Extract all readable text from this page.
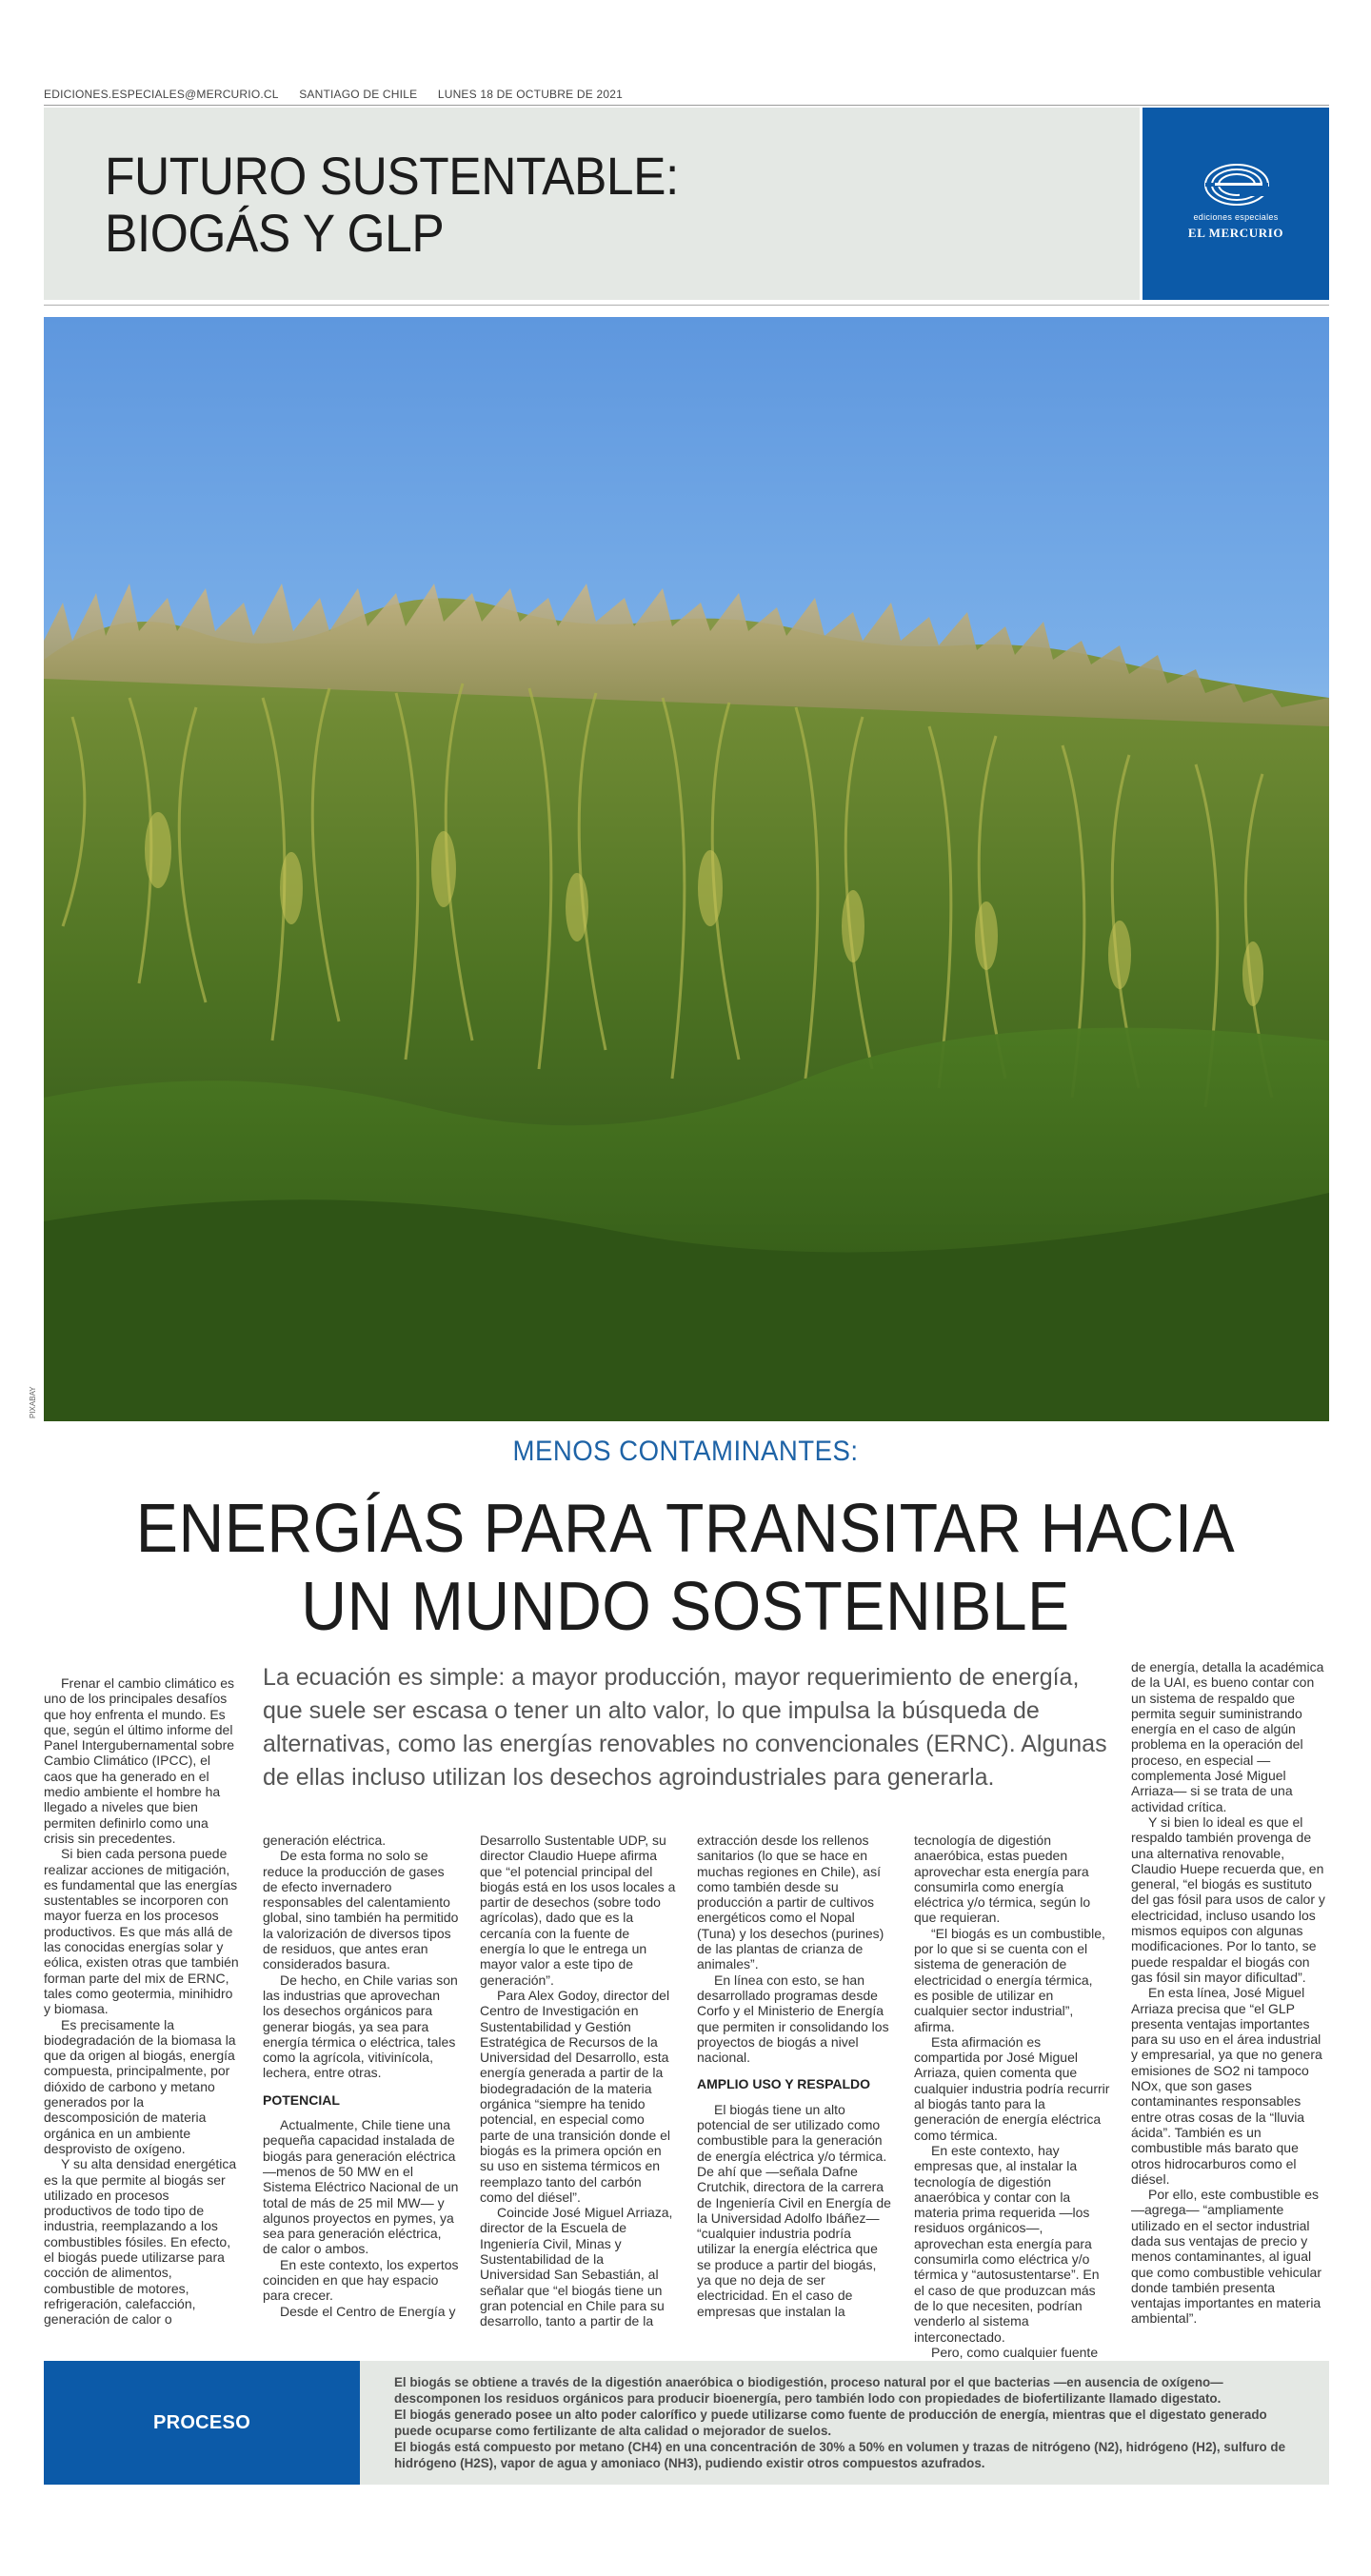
EDICIONES.ESPECIALES@MERCURIO.CL SANTIAGO DE CHILE LUNES 18 DE OCTUBRE DE 2021
FUTURO SUSTENTABLE:
BIOGÁS Y GLP	ediciones especiales
EL MERCURIO
PIXABAY
MENOS CONTAMINANTES:
ENERGÍAS PARA TRANSITAR HACIA
UN MUNDO SOSTENIBLE
La ecuación es simple: a mayor producción, mayor requerimiento de energía, que suele ser escasa o tener un alto valor, lo que impulsa la búsqueda de alternativas, como las energías renovables no convencionales (ERNC). Algunas de ellas incluso utilizan los desechos agroindustriales para generarla.

Frenar el cambio climático es uno de los principales desafíos que hoy enfrenta el mundo. Es que, según el último informe del Panel Intergubernamental sobre Cambio Climático (IPCC), el caos que ha generado en el medio ambiente el hombre ha llegado a niveles que bien permiten definirlo como una crisis sin precedentes.

Si bien cada persona puede realizar acciones de mitigación, es fundamental que las energías sustentables se incorporen con mayor fuerza en los procesos productivos. Es que más allá de las conocidas energías solar y eólica, existen otras que también forman parte del mix de ERNC, tales como geotermia, minihidro y biomasa.

Es precisamente la biodegradación de la biomasa la que da origen al biogás, energía compuesta, principalmente, por dióxido de carbono y metano generados por la descomposición de materia orgánica en un ambiente desprovisto de oxígeno.

Y su alta densidad energética es la que permite al biogás ser utilizado en procesos productivos de todo tipo de industria, reemplazando a los combustibles fósiles. En efecto, el biogás puede utilizarse para cocción de alimentos, combustible de motores, refrigeración, calefacción, generación de calor o

generación eléctrica.

De esta forma no solo se reduce la producción de gases de efecto invernadero responsables del calentamiento global, sino también ha permitido la valorización de diversos tipos de residuos, que antes eran considerados basura.

De hecho, en Chile varias son las industrias que aprovechan los desechos orgánicos para generar biogás, ya sea para energía térmica o eléctrica, tales como la agrícola, vitivinícola, lechera, entre otras.

POTENCIAL

Actualmente, Chile tiene una pequeña capacidad instalada de biogás para generación eléctrica —menos de 50 MW en el Sistema Eléctrico Nacional de un total de más de 25 mil MW— y algunos proyectos en pymes, ya sea para generación eléctrica, de calor o ambos.

En este contexto, los expertos coinciden en que hay espacio para crecer.

Desde el Centro de Energía y

Desarrollo Sustentable UDP, su director Claudio Huepe afirma que “el potencial principal del biogás está en los usos locales a partir de desechos (sobre todo agrícolas), dado que es la cercanía con la fuente de energía lo que le entrega un mayor valor a este tipo de generación”.

Para Alex Godoy, director del Centro de Investigación en Sustentabilidad y Gestión Estratégica de Recursos de la Universidad del Desarrollo, esta energía generada a partir de la biodegradación de la materia orgánica “siempre ha tenido potencial, en especial como parte de una transición donde el biogás es la primera opción en su uso en sistema térmicos en reemplazo tanto del carbón como del diésel”.

Coincide José Miguel Arriaza, director de la Escuela de Ingeniería Civil, Minas y Sustentabilidad de la Universidad San Sebastián, al señalar que “el biogás tiene un gran potencial en Chile para su desarrollo, tanto a partir de la

extracción desde los rellenos sanitarios (lo que se hace en muchas regiones en Chile), así como también desde su producción a partir de cultivos energéticos como el Nopal (Tuna) y los desechos (purines) de las plantas de crianza de animales”.

En línea con esto, se han desarrollado programas desde Corfo y el Ministerio de Energía que permiten ir consolidando los proyectos de biogás a nivel nacional.

AMPLIO USO Y RESPALDO

El biogás tiene un alto potencial de ser utilizado como combustible para la generación de energía eléctrica y/o térmica. De ahí que —señala Dafne Crutchik, directora de la carrera de Ingeniería Civil en Energía de la Universidad Adolfo Ibáñez— “cualquier industria podría utilizar la energía eléctrica que se produce a partir del biogás, ya que no deja de ser electricidad. En el caso de empresas que instalan la

tecnología de digestión anaeróbica, estas pueden aprovechar esta energía para consumirla como energía eléctrica y/o térmica, según lo que requieran.

“El biogás es un combustible, por lo que si se cuenta con el sistema de generación de electricidad o energía térmica, es posible de utilizar en cualquier sector industrial”, afirma.

Esta afirmación es compartida por José Miguel Arriaza, quien comenta que cualquier industria podría recurrir al biogás tanto para la generación de energía eléctrica como térmica.

En este contexto, hay empresas que, al instalar la tecnología de digestión anaeróbica y contar con la materia prima requerida —los residuos orgánicos—, aprovechan esta energía para consumirla como eléctrica y/o térmica y “autosustentarse”. En el caso de que produzcan más de lo que necesiten, podrían venderlo al sistema interconectado.

Pero, como cualquier fuente

de energía, detalla la académica de la UAI, es bueno contar con un sistema de respaldo que permita seguir suministrando energía en el caso de algún problema en la operación del proceso, en especial —complementa José Miguel Arriaza— si se trata de una actividad crítica.

Y si bien lo ideal es que el respaldo también provenga de una alternativa renovable, Claudio Huepe recuerda que, en general, “el biogás es sustituto del gas fósil para usos de calor y electricidad, incluso usando los mismos equipos con algunas modificaciones. Por lo tanto, se puede respaldar el biogás con gas fósil sin mayor dificultad”.

En esta línea, José Miguel Arriaza precisa que “el GLP presenta ventajas importantes para su uso en el área industrial y empresarial, ya que no genera emisiones de SO2 ni tampoco NOx, que son gases contaminantes responsables entre otras cosas de la “lluvia ácida”. También es un combustible más barato que otros hidrocarburos como el diésel.

Por ello, este combustible es —agrega— “ampliamente utilizado en el sector industrial dada sus ventajas de precio y menos contaminantes, al igual que como combustible vehicular donde también presenta ventajas importantes en materia ambiental”.

PROCESO
El biogás se obtiene a través de la digestión anaeróbica o biodigestión, proceso natural por el que bacterias —en ausencia de oxígeno— descomponen los residuos orgánicos para producir bioenergía, pero también lodo con propiedades de biofertilizante llamado digestato.
El biogás generado posee un alto poder calorífico y puede utilizarse como fuente de producción de energía, mientras que el digestato generado puede ocuparse como fertilizante de alta calidad o mejorador de suelos.
El biogás está compuesto por metano (CH4) en una concentración de 30% a 50% en volumen y trazas de nitrógeno (N2), hidrógeno (H2), sulfuro de hidrógeno (H2S), vapor de agua y amoniaco (NH3), pudiendo existir otros compuestos azufrados.
